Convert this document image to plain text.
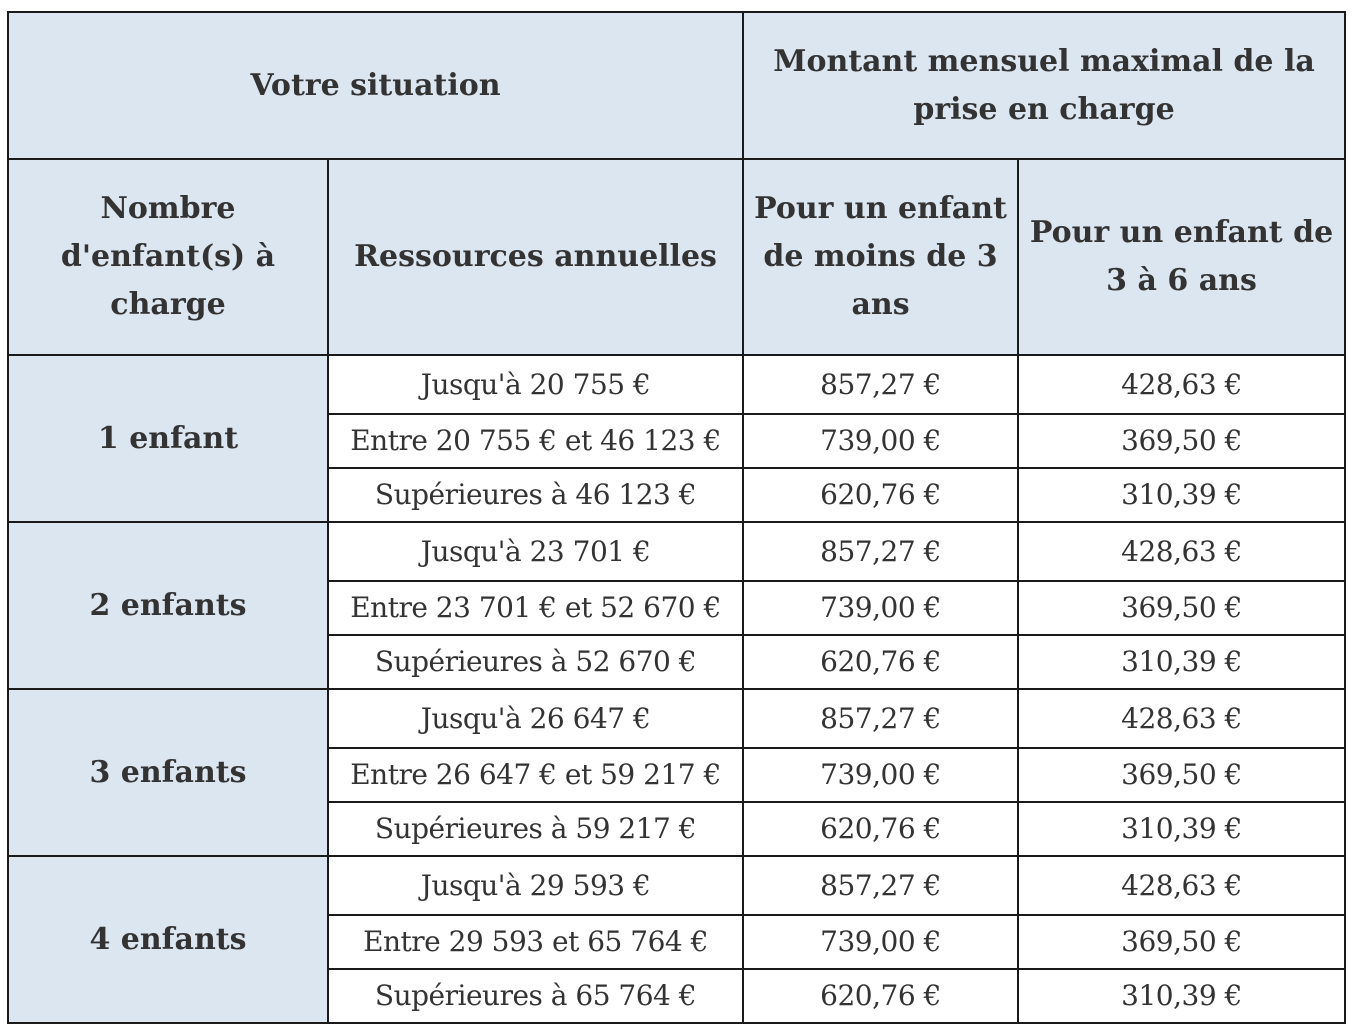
Votre situation		Montant mensuel maximal de la prise en charge	
Nombre d'enfant(s) à charge	Ressources annuelles	Pour un enfant de moins de 3 ans	Pour un enfant de 3 à 6 ans
1 enfant	Jusqu'à 20 755 €	857,27 €	428,63 €
	Entre 20 755 € et 46 123 €	739,00 €	369,50 €
	Supérieures à 46 123 €	620,76 €	310,39 €
2 enfants	Jusqu'à 23 701 €	857,27 €	428,63 €
	Entre 23 701 € et 52 670 €	739,00 €	369,50 €
	Supérieures à 52 670 €	620,76 €	310,39 €
3 enfants	Jusqu'à 26 647 €	857,27 €	428,63 €
	Entre 26 647 € et 59 217 €	739,00 €	369,50 €
	Supérieures à 59 217 €	620,76 €	310,39 €
4 enfants	Jusqu'à 29 593 €	857,27 €	428,63 €
	Entre 29 593 et 65 764 €	739,00 €	369,50 €
	Supérieures à 65 764 €	620,76 €	310,39 €
